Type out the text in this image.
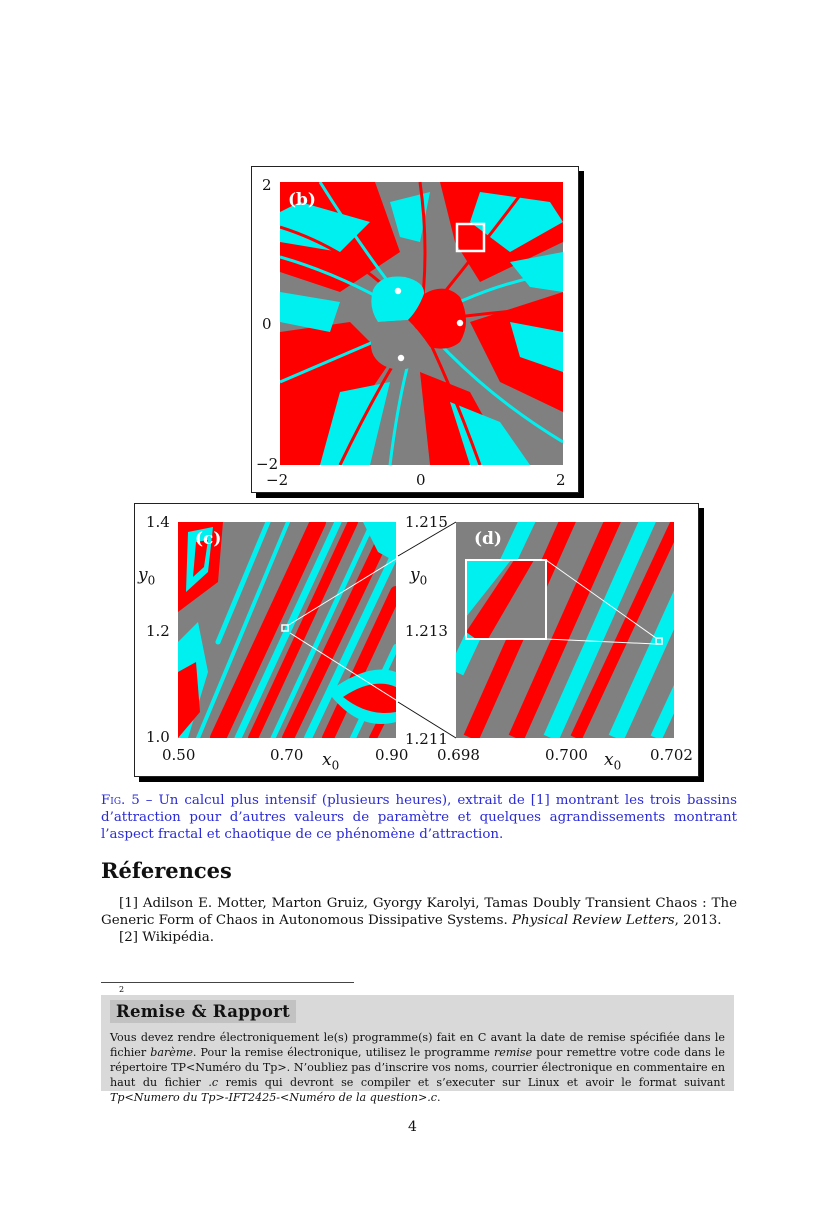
(b)
2
0
−2
−2	0	2
(c)	(d)
1.4
1.2
1.0
$y_0$
0.50	0.70	0.90
$x_0$
1.215
1.213
1.211
$y_0$
0.698	0.700	0.702
$x_0$
Fig. 5 – Un calcul plus intensif (plusieurs heures), extrait de [1] montrant les trois bassins d’attraction pour d’autres valeurs de paramètre et quelques agrandissements montrant l’aspect fractal et chaotique de ce phénomène d’attraction.
Réferences
[1] Adilson E. Motter, Marton Gruiz, Gyorgy Karolyi, Tamas Doubly Transient Chaos : The Generic Form of Chaos in Autonomous Dissipative Systems. Physical Review Letters, 2013.
[2] Wikipédia.
2
Remise & Rapport
Vous devez rendre électroniquement le(s) programme(s) fait en C avant la date de remise spécifiée dans le fichier barème. Pour la remise électronique, utilisez le programme remise pour remettre votre code dans le répertoire TP<Numéro du Tp>. N’oubliez pas d’inscrire vos noms, courrier électronique en commentaire en haut du fichier .c remis qui devront se compiler et s’executer sur Linux et avoir le format suivant Tp<Numero du Tp>-IFT2425-<Numéro de la question>.c.
4
